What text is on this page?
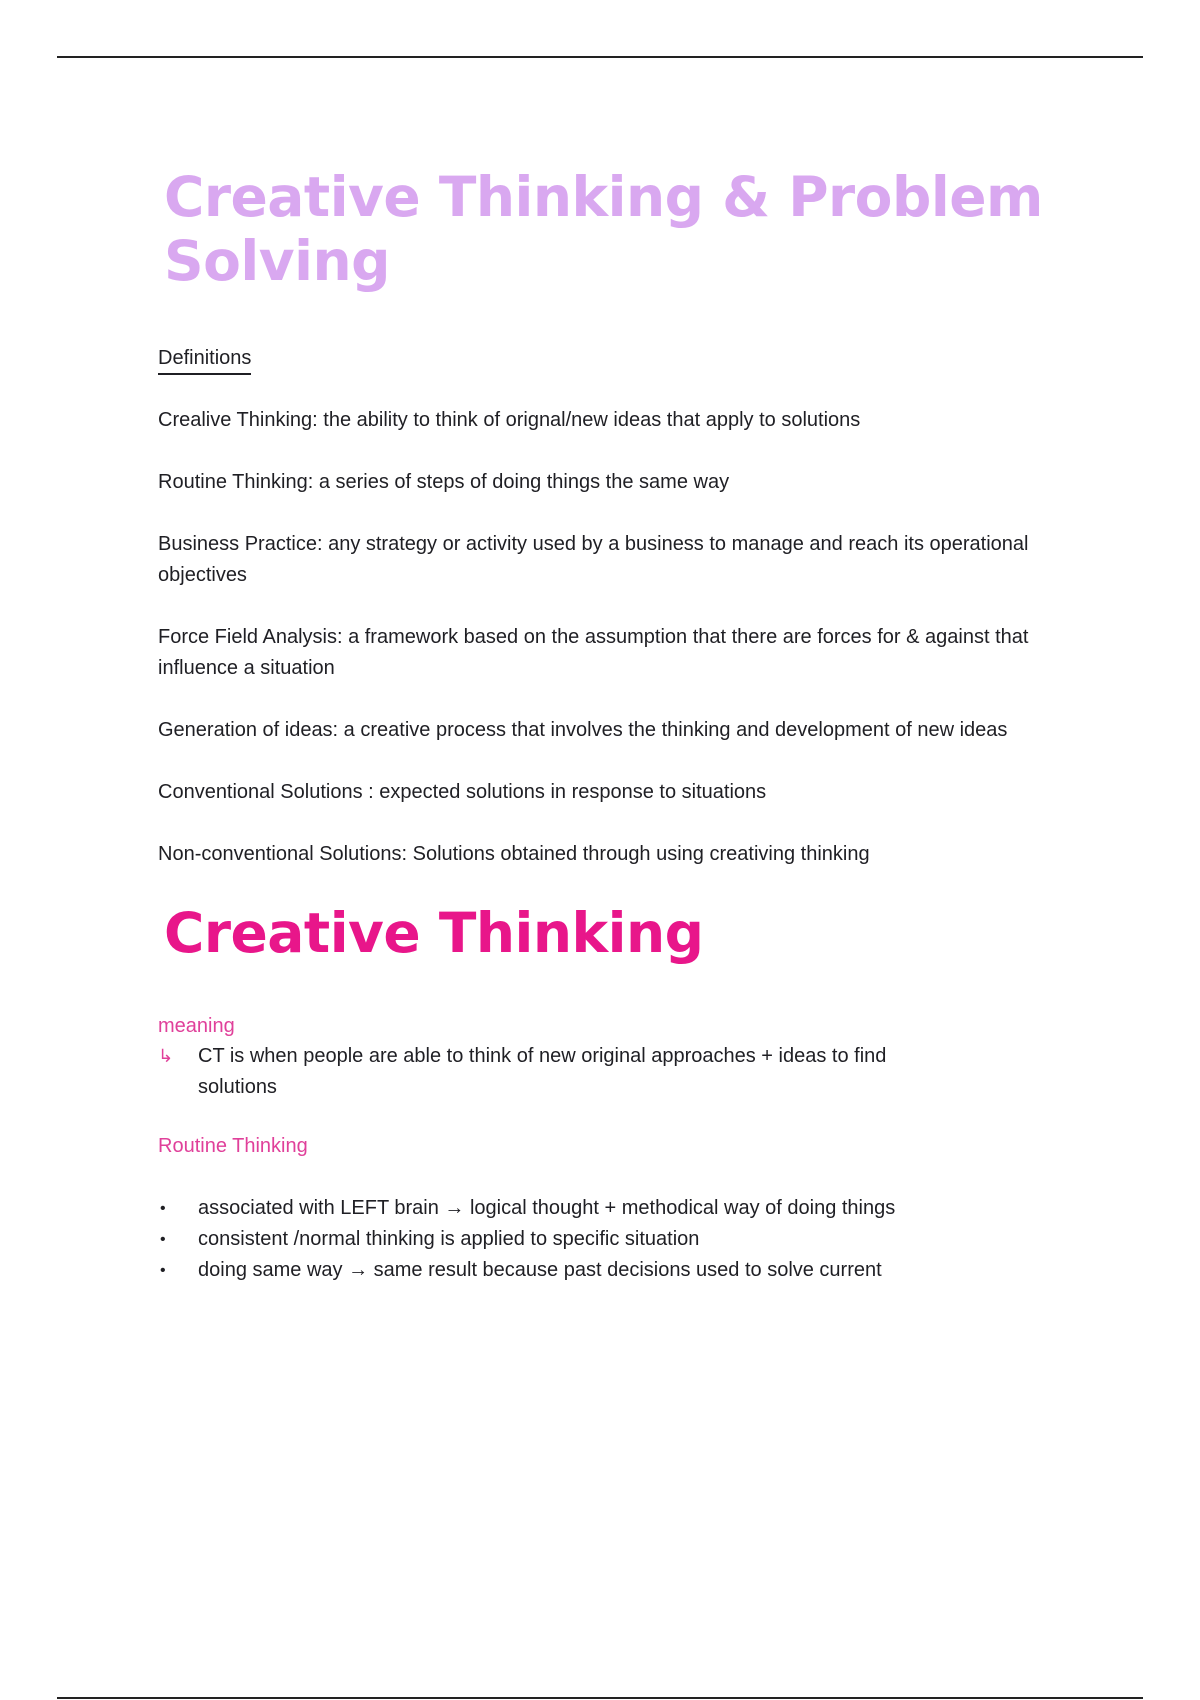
Creative Thinking & Problem Solving
Definitions

Crealive Thinking: the ability to think of orignal/new ideas that apply to solutions

Routine Thinking: a series of steps of doing things the same way

Business Practice: any strategy or activity used by a business to manage and reach its operational objectives

Force Field Analysis: a framework based on the assumption that there are forces for & against that influence a situation

Generation of ideas: a creative process that involves the thinking and development of new ideas

Conventional Solutions : expected solutions in response to situations

Non-conventional Solutions: Solutions obtained through using creativing thinking

Creative Thinking
meaning
↳	CT is when people are able to think of new original approaches + ideas to find solutions
Routine Thinking
•	associated with LEFT brain → logical thought + methodical way of doing things
•	consistent /normal thinking is applied to specific situation
•	doing same way → same result because past decisions used to solve current
